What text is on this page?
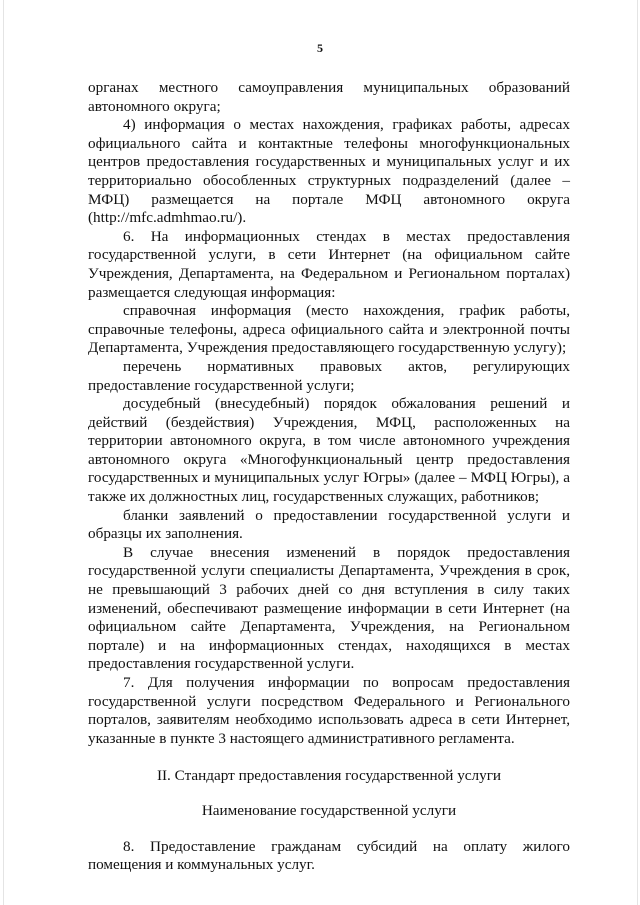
5

органах местного самоуправления муниципальных образований автономного округа;

4) информация о местах нахождения, графиках работы, адресах официального сайта и контактные телефоны многофункциональных центров предоставления государственных и муниципальных услуг и их территориально обособленных структурных подразделений (далее – МФЦ) размещается на портале МФЦ автономного округа (http://mfc.admhmao.ru/).

6. На информационных стендах в местах предоставления государственной услуги, в сети Интернет (на официальном сайте Учреждения, Департамента, на Федеральном и Региональном порталах) размещается следующая информация:

справочная информация (место нахождения, график работы, справочные телефоны, адреса официального сайта и электронной почты Департамента, Учреждения предоставляющего государственную услугу);

перечень нормативных правовых актов, регулирующих предоставление государственной услуги;

досудебный (внесудебный) порядок обжалования решений и действий (бездействия) Учреждения, МФЦ, расположенных на территории автономного округа, в том числе автономного учреждения автономного округа «Многофункциональный центр предоставления государственных и муниципальных услуг Югры» (далее – МФЦ Югры), а также их должностных лиц, государственных служащих, работников;

бланки заявлений о предоставлении государственной услуги и образцы их заполнения.

В случае внесения изменений в порядок предоставления государственной услуги специалисты Департамента, Учреждения в срок, не превышающий 3 рабочих дней со дня вступления в силу таких изменений, обеспечивают размещение информации в сети Интернет (на официальном сайте Департамента, Учреждения, на Региональном портале) и на информационных стендах, находящихся в местах предоставления государственной услуги.

7. Для получения информации по вопросам предоставления государственной услуги посредством Федерального и Регионального порталов, заявителям необходимо использовать адреса в сети Интернет, указанные в пункте 3 настоящего административного регламента.

II. Стандарт предоставления государственной услуги

Наименование государственной услуги

8. Предоставление гражданам субсидий на оплату жилого помещения и коммунальных услуг.
